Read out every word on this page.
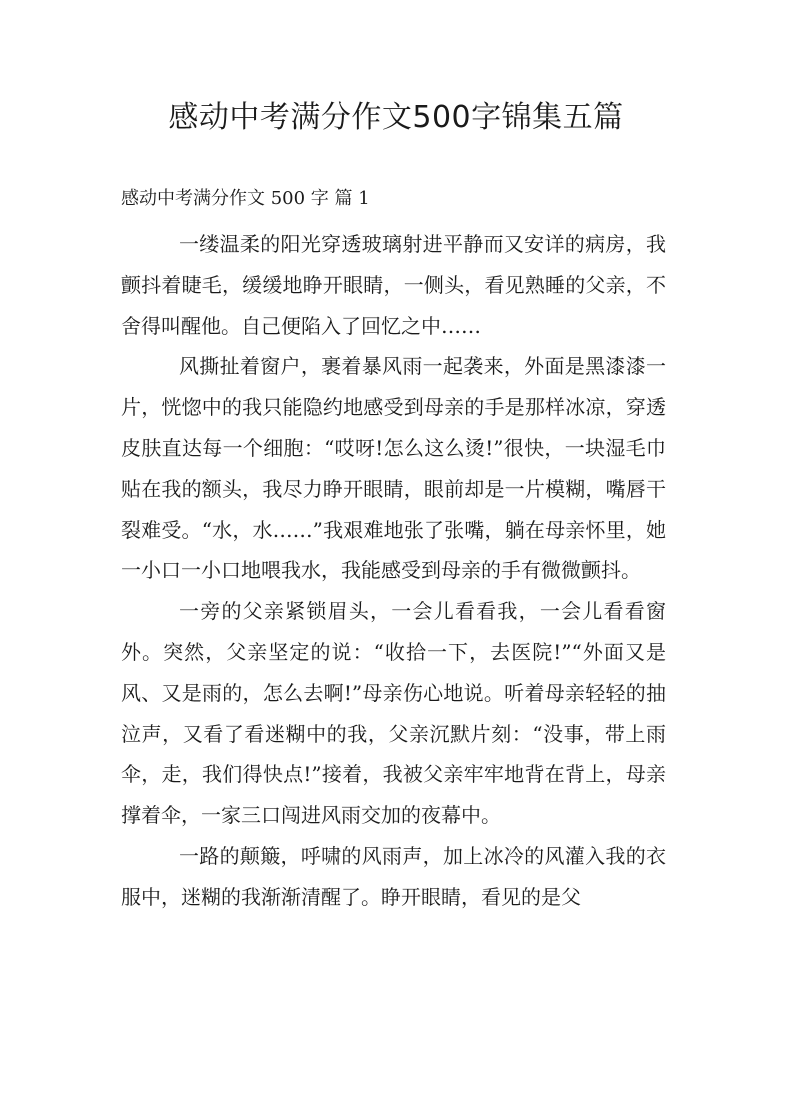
感动中考满分作文500字锦集五篇
感动中考满分作文 500 字 篇 1

一缕温柔的阳光穿透玻璃射进平静而又安详的病房，我颤抖着睫毛，缓缓地睁开眼睛，一侧头，看见熟睡的父亲，不舍得叫醒他。自己便陷入了回忆之中……

风撕扯着窗户，裹着暴风雨一起袭来，外面是黑漆漆一片，恍惚中的我只能隐约地感受到母亲的手是那样冰凉，穿透皮肤直达每一个细胞：“哎呀!怎么这么烫!”很快，一块湿毛巾贴在我的额头，我尽力睁开眼睛，眼前却是一片模糊，嘴唇干裂难受。“水，水……”我艰难地张了张嘴，躺在母亲怀里，她一小口一小口地喂我水，我能感受到母亲的手有微微颤抖。

一旁的父亲紧锁眉头，一会儿看看我，一会儿看看窗外。突然，父亲坚定的说：“收拾一下，去医院!”“外面又是风、又是雨的，怎么去啊!”母亲伤心地说。听着母亲轻轻的抽泣声，又看了看迷糊中的我，父亲沉默片刻：“没事，带上雨伞，走，我们得快点!”接着，我被父亲牢牢地背在背上，母亲撑着伞，一家三口闯进风雨交加的夜幕中。

一路的颠簸，呼啸的风雨声，加上冰冷的风灌入我的衣服中，迷糊的我渐渐清醒了。睁开眼睛，看见的是父
